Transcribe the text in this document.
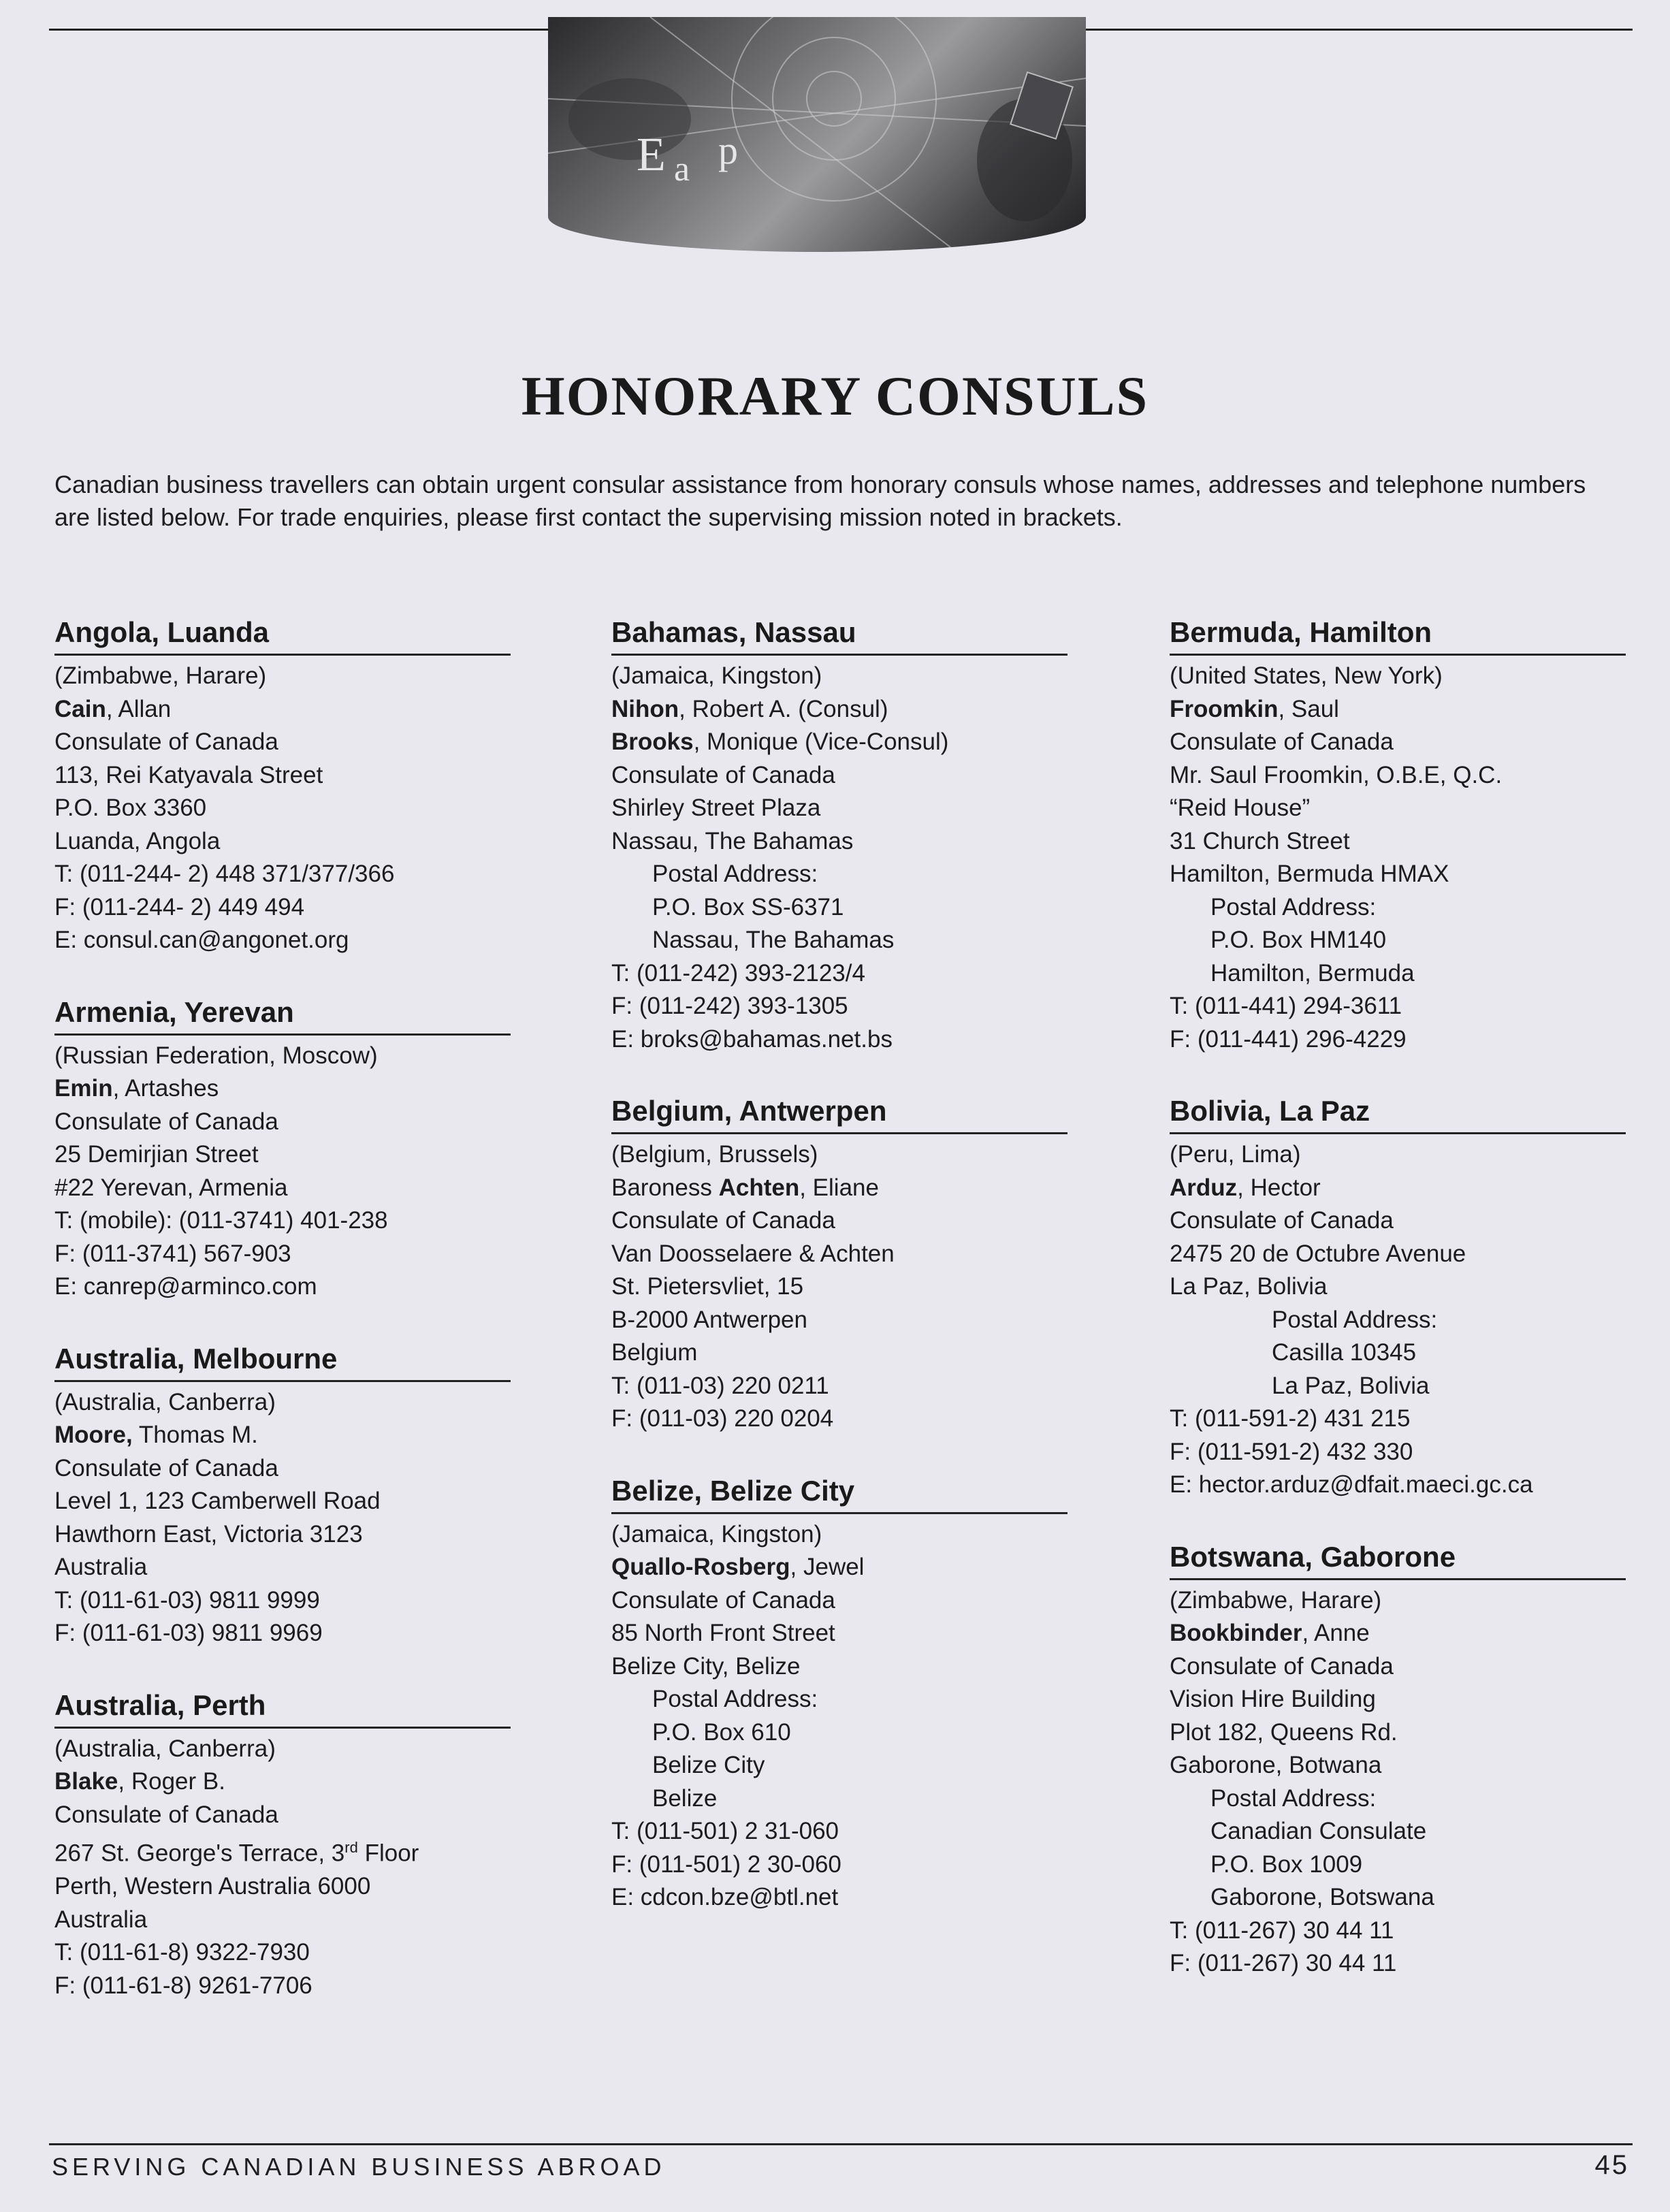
E a p
HONORARY CONSULS

Canadian business travellers can obtain urgent consular assistance from honorary consuls whose names, addresses and telephone numbers are listed below. For trade enquiries, please first contact the supervising mission noted in brackets.

Angola, Luanda
(Zimbabwe, Harare)
Cain, Allan
Consulate of Canada
113, Rei Katyavala Street
P.O. Box 3360
Luanda, Angola
T: (011-244- 2) 448 371/377/366
F: (011-244- 2) 449 494
E: consul.can@angonet.org
Armenia, Yerevan
(Russian Federation, Moscow)
Emin, Artashes
Consulate of Canada
25 Demirjian Street
#22 Yerevan, Armenia
T: (mobile): (011-3741) 401-238
F: (011-3741) 567-903
E: canrep@arminco.com
Australia, Melbourne
(Australia, Canberra)
Moore, Thomas M.
Consulate of Canada
Level 1, 123 Camberwell Road
Hawthorn East, Victoria 3123
Australia
T: (011-61-03) 9811 9999
F: (011-61-03) 9811 9969
Australia, Perth
(Australia, Canberra)
Blake, Roger B.
Consulate of Canada
267 St. George's Terrace, 3rd Floor
Perth, Western Australia 6000
Australia
T: (011-61-8) 9322-7930
F: (011-61-8) 9261-7706
Bahamas, Nassau
(Jamaica, Kingston)
Nihon, Robert A. (Consul)
Brooks, Monique (Vice-Consul)
Consulate of Canada
Shirley Street Plaza
Nassau, The Bahamas
Postal Address:
P.O. Box SS-6371
Nassau, The Bahamas
T: (011-242) 393-2123/4
F: (011-242) 393-1305
E: broks@bahamas.net.bs
Belgium, Antwerpen
(Belgium, Brussels)
Baroness Achten, Eliane
Consulate of Canada
Van Doosselaere & Achten
St. Pietersvliet, 15
B-2000 Antwerpen
Belgium
T: (011-03) 220 0211
F: (011-03) 220 0204
Belize, Belize City
(Jamaica, Kingston)
Quallo-Rosberg, Jewel
Consulate of Canada
85 North Front Street
Belize City, Belize
Postal Address:
P.O. Box 610
Belize City
Belize
T: (011-501) 2 31-060
F: (011-501) 2 30-060
E: cdcon.bze@btl.net
Bermuda, Hamilton
(United States, New York)
Froomkin, Saul
Consulate of Canada
Mr. Saul Froomkin, O.B.E, Q.C.
“Reid House”
31 Church Street
Hamilton, Bermuda HMAX
Postal Address:
P.O. Box HM140
Hamilton, Bermuda
T: (011-441) 294-3611
F: (011-441) 296-4229
Bolivia, La Paz
(Peru, Lima)
Arduz, Hector
Consulate of Canada
2475 20 de Octubre Avenue
La Paz, Bolivia
Postal Address:
Casilla 10345
La Paz, Bolivia
T: (011-591-2) 431 215
F: (011-591-2) 432 330
E: hector.arduz@dfait.maeci.gc.ca
Botswana, Gaborone
(Zimbabwe, Harare)
Bookbinder, Anne
Consulate of Canada
Vision Hire Building
Plot 182, Queens Rd.
Gaborone, Botwana
Postal Address:
Canadian Consulate
P.O. Box 1009
Gaborone, Botswana
T: (011-267) 30 44 11
F: (011-267) 30 44 11
SERVING CANADIAN BUSINESS ABROAD	45
